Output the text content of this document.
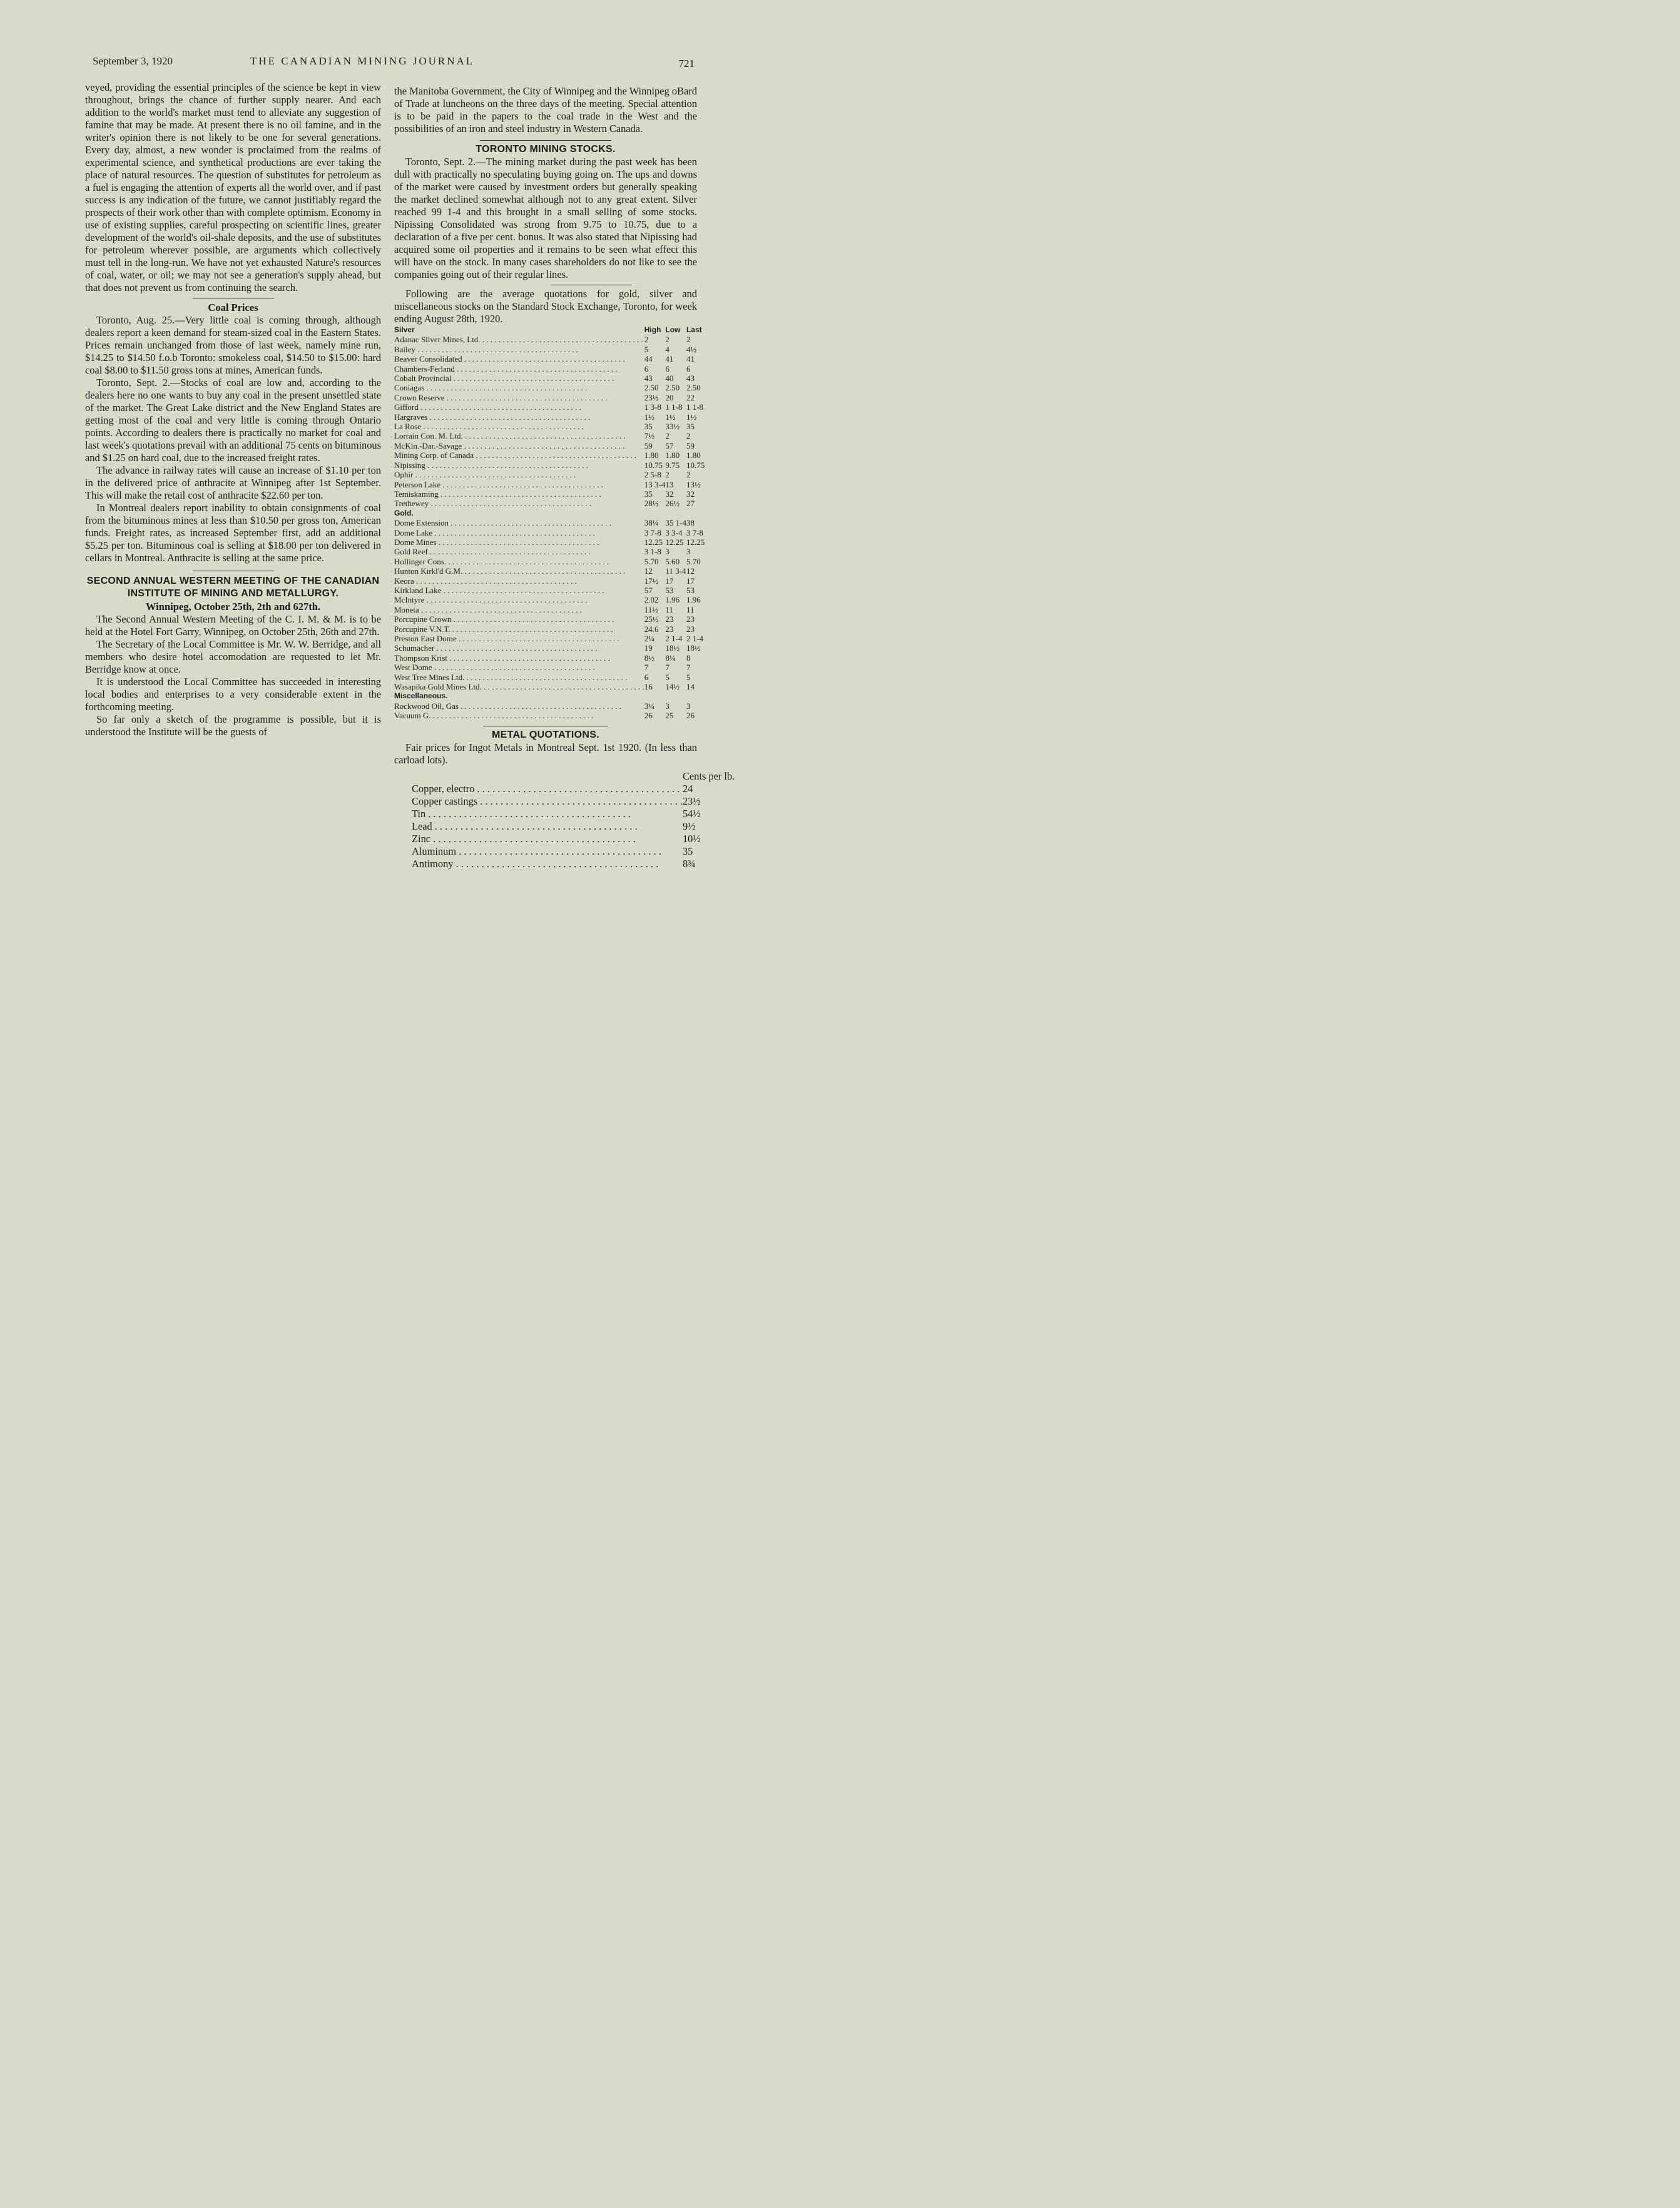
September 3, 1920	THE CANADIAN MINING JOURNAL	721

veyed, providing the essential principles of the science be kept in view throughout, brings the chance of further supply nearer. And each addition to the world's market must tend to alleviate any suggestion of famine that may be made. At present there is no oil famine, and in the writer's opinion there is not likely to be one for several generations. Every day, almost, a new wonder is proclaimed from the realms of experimental science, and synthetical productions are ever taking the place of natural resources. The question of substitutes for petroleum as a fuel is engaging the attention of experts all the world over, and if past success is any indication of the future, we cannot justifiably regard the prospects of their work other than with complete optimism. Economy in use of existing supplies, careful prospecting on scientific lines, greater development of the world's oil-shale deposits, and the use of substitutes for petroleum wherever possible, are arguments which collectively must tell in the long-run. We have not yet exhausted Nature's resources of coal, water, or oil; we may not see a generation's supply ahead, but that does not prevent us from continuing the search.

Coal Prices

Toronto, Aug. 25.—Very little coal is coming through, although dealers report a keen demand for steam-sized coal in the Eastern States. Prices remain unchanged from those of last week, namely mine run, $14.25 to $14.50 f.o.b Toronto: smokeless coal, $14.50 to $15.00: hard coal $8.00 to $11.50 gross tons at mines, American funds.

Toronto, Sept. 2.—Stocks of coal are low and, according to the dealers here no one wants to buy any coal in the present unsettled state of the market. The Great Lake district and the New England States are getting most of the coal and very little is coming through Ontario points. According to dealers there is practically no market for coal and last week's quotations prevail with an additional 75 cents on bituminous and $1.25 on hard coal, due to the increased freight rates.

The advance in railway rates will cause an increase of $1.10 per ton in the delivered price of anthracite at Winnipeg after 1st September. This will make the retail cost of anthracite $22.60 per ton.

In Montreal dealers report inability to obtain consignments of coal from the bituminous mines at less than $10.50 per gross ton, American funds. Freight rates, as increased September first, add an additional $5.25 per ton. Bituminous coal is selling at $18.00 per ton delivered in cellars in Montreal. Anthracite is selling at the same price.

SECOND ANNUAL WESTERN MEETING OF THE CANADIAN INSTITUTE OF MINING AND METALLURGY.
Winnipeg, October 25th, 2th and 627th.

The Second Annual Western Meeting of the C. I. M. & M. is to be held at the Hotel Fort Garry, Winnipeg, on October 25th, 26th and 27th.

The Secretary of the Local Committee is Mr. W. W. Berridge, and all members who desire hotel accomodation are requested to let Mr. Berridge know at once.

It is understood the Local Committee has succeeded in interesting local bodies and enterprises to a very considerable extent in the forthcoming meeting.

So far only a sketch of the programme is possible, but it is understood the Institute will be the guests of

the Manitoba Government, the City of Winnipeg and the Winnipeg oBard of Trade at luncheons on the three days of the meeting. Special attention is to be paid in the papers to the coal trade in the West and the possibilities of an iron and steel industry in Western Canada.

TORONTO MINING STOCKS.

Toronto, Sept. 2.—The mining market during the past week has been dull with practically no speculating buying going on. The ups and downs of the market were caused by investment orders but generally speaking the market declined somewhat although not to any great extent. Silver reached 99 1-4 and this brought in a small selling of some stocks. Nipissing Consolidated was strong from 9.75 to 10.75, due to a declaration of a five per cent. bonus. It was also stated that Nipissing had acquired some oil properties and it remains to be seen what effect this will have on the stock. In many cases shareholders do not like to see the companies going out of their regular lines.

Following are the average quotations for gold, silver and miscellaneous stocks on the Standard Stock Exchange, Toronto, for week ending August 28th, 1920.

Silver	High	Low	Last
Adanac Silver Mines, Ltd. . . .	2	2	2
Bailey . . .	5	4	4½
Beaver Consolidated . . .	44	41	41
Chambers-Ferland . . .	6	6	6
Cobalt Provincial . . .	43	40	43
Coniagas . . .	2.50	2.50	2.50
Crown Reserve . . .	23½	20	22
Gifford . . .	1 3-8	1 1-8	1 1-8
Hargraves . . .	1½	1½	1½
La Rose . . .	35	33½	35
Lorrain Con. M. Ltd. . . .	7½	2	2
McKin.-Dar.-Savage . . .	59	57	59
Mining Corp. of Canada . . .	1.80	1.80	1.80
Nipissing . . .	10.75	9.75	10.75
Ophir . . .	2 5-8	2	2
Peterson Lake . . .	13 3-4	13	13½
Temiskaming . . .	35	32	32
Trethewey . . .	28½	26½	27
Gold.			
Dome Extension . . .	38¼	35 1-4	38
Dome Lake . . .	3 7-8	3 3-4	3 7-8
Dome Mines . . .	12.25	12.25	12.25
Gold Reef . . .	3 1-8	3	3
Hollinger Cons. . . .	5.70	5.60	5.70
Hunton Kirkl'd G.M. . . .	12	11 3-4	12
Keora . . .	17½	17	17
Kirkland Lake . . .	57	53	53
McIntyre . . .	2.02	1.96	1.96
Moneta . . .	11½	11	11
Porcupine Crown . . .	25½	23	23
Porcupine V.N.T. . . .	24.6	23	23
Preston East Dome . . .	2¼	2 1-4	2 1-4
Schumacher . . .	19	18½	18½
Thompson Krist . . .	8½	8¼	8
West Dome . . .	7	7	7
West Tree Mines Ltd. . . .	6	5	5
Wasapika Gold Mines Ltd. . . .	16	14½	14
Miscellaneous.			
Rockwood Oil, Gas . . .	3¼	3	3
Vacuum G. . . .	26	25	26
METAL QUOTATIONS.

Fair prices for Ingot Metals in Montreal Sept. 1st 1920. (In less than carload lots).

	Cents per lb.
Copper, electro . . .	24
Copper castings . . .	23½
Tin . . .	54½
Lead . . .	9½
Zinc . . .	10½
Aluminum . . .	35
Antimony . . .	8¾
